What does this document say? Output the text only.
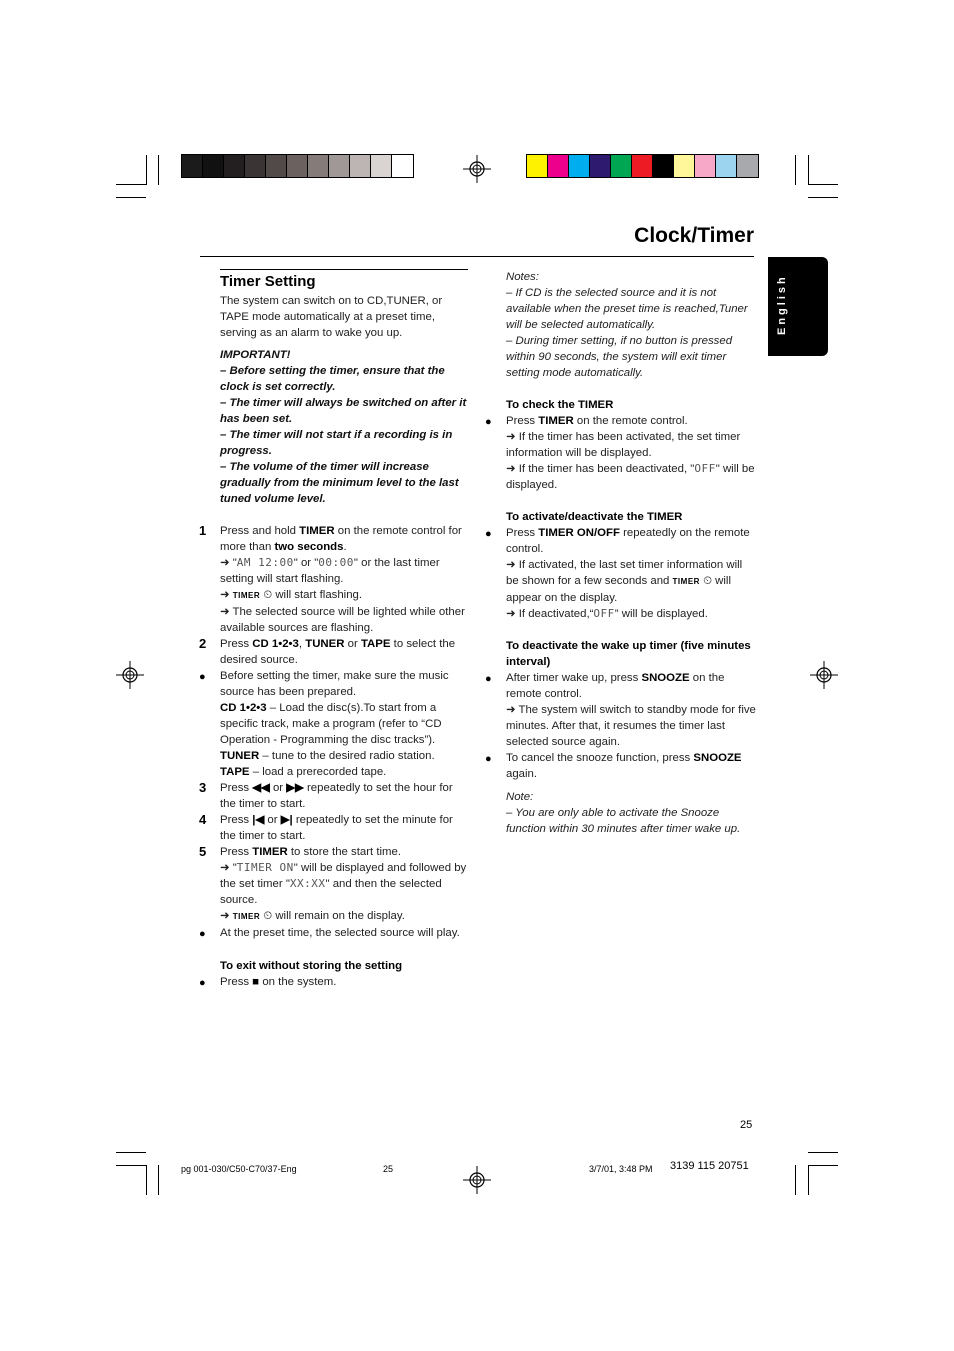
Clock/Timer
English

Timer Setting

The system can switch on to CD,TUNER, or TAPE mode automatically at a preset time, serving as an alarm to wake you up.

IMPORTANT!

– Before setting the timer, ensure that the clock is set correctly.

– The timer will always be switched on after it has been set.

– The timer will not start if a recording is in progress.

– The volume of the timer will increase gradually from the minimum level to the last tuned volume level.

1 Press and hold TIMER on the remote control for more than two seconds.

➜ "AM 12:00" or "00:00" or the last timer setting will start flashing.

➜ TIMER ⏲ will start flashing.

➜ The selected source will be lighted while other available sources are flashing.

2 Press CD 1•2•3, TUNER or TAPE to select the desired source.

● Before setting the timer, make sure the music source has been prepared.

CD 1•2•3 – Load the disc(s).To start from a specific track, make a program (refer to “CD Operation - Programming the disc tracks”).

TUNER – tune to the desired radio station.

TAPE – load a prerecorded tape.

3 Press ◀◀ or ▶▶ repeatedly to set the hour for the timer to start.

4 Press |◀ or ▶| repeatedly to set the minute for the timer to start.

5 Press TIMER to store the start time.

➜ "TIMER ON" will be displayed and followed by the set timer "XX:XX" and then the selected source.

➜ TIMER ⏲ will remain on the display.

● At the preset time, the selected source will play.

To exit without storing the setting

● Press ■ on the system.

Notes:

– If CD is the selected source and it is not available when the preset time is reached,Tuner will be selected automatically.

– During timer setting, if no button is pressed within 90 seconds, the system will exit timer setting mode automatically.

To check the TIMER

● Press TIMER on the remote control.

➜ If the timer has been activated, the set timer information will be displayed.

➜ If the timer has been deactivated, "OFF" will be displayed.

To activate/deactivate the TIMER

● Press TIMER ON/OFF repeatedly on the remote control.

➜ If activated, the last set timer information will be shown for a few seconds and TIMER ⏲ will appear on the display.

➜ If deactivated,“OFF” will be displayed.

To deactivate the wake up timer (five minutes interval)

● After timer wake up, press SNOOZE on the remote control.

➜ The system will switch to standby mode for five minutes. After that, it resumes the timer last selected source again.

● To cancel the snooze function, press SNOOZE again.

Note:

– You are only able to activate the Snooze function within 30 minutes after timer wake up.

25
pg 001-030/C50-C70/37-Eng	25	3/7/01, 3:48 PM 3139 115 20751
